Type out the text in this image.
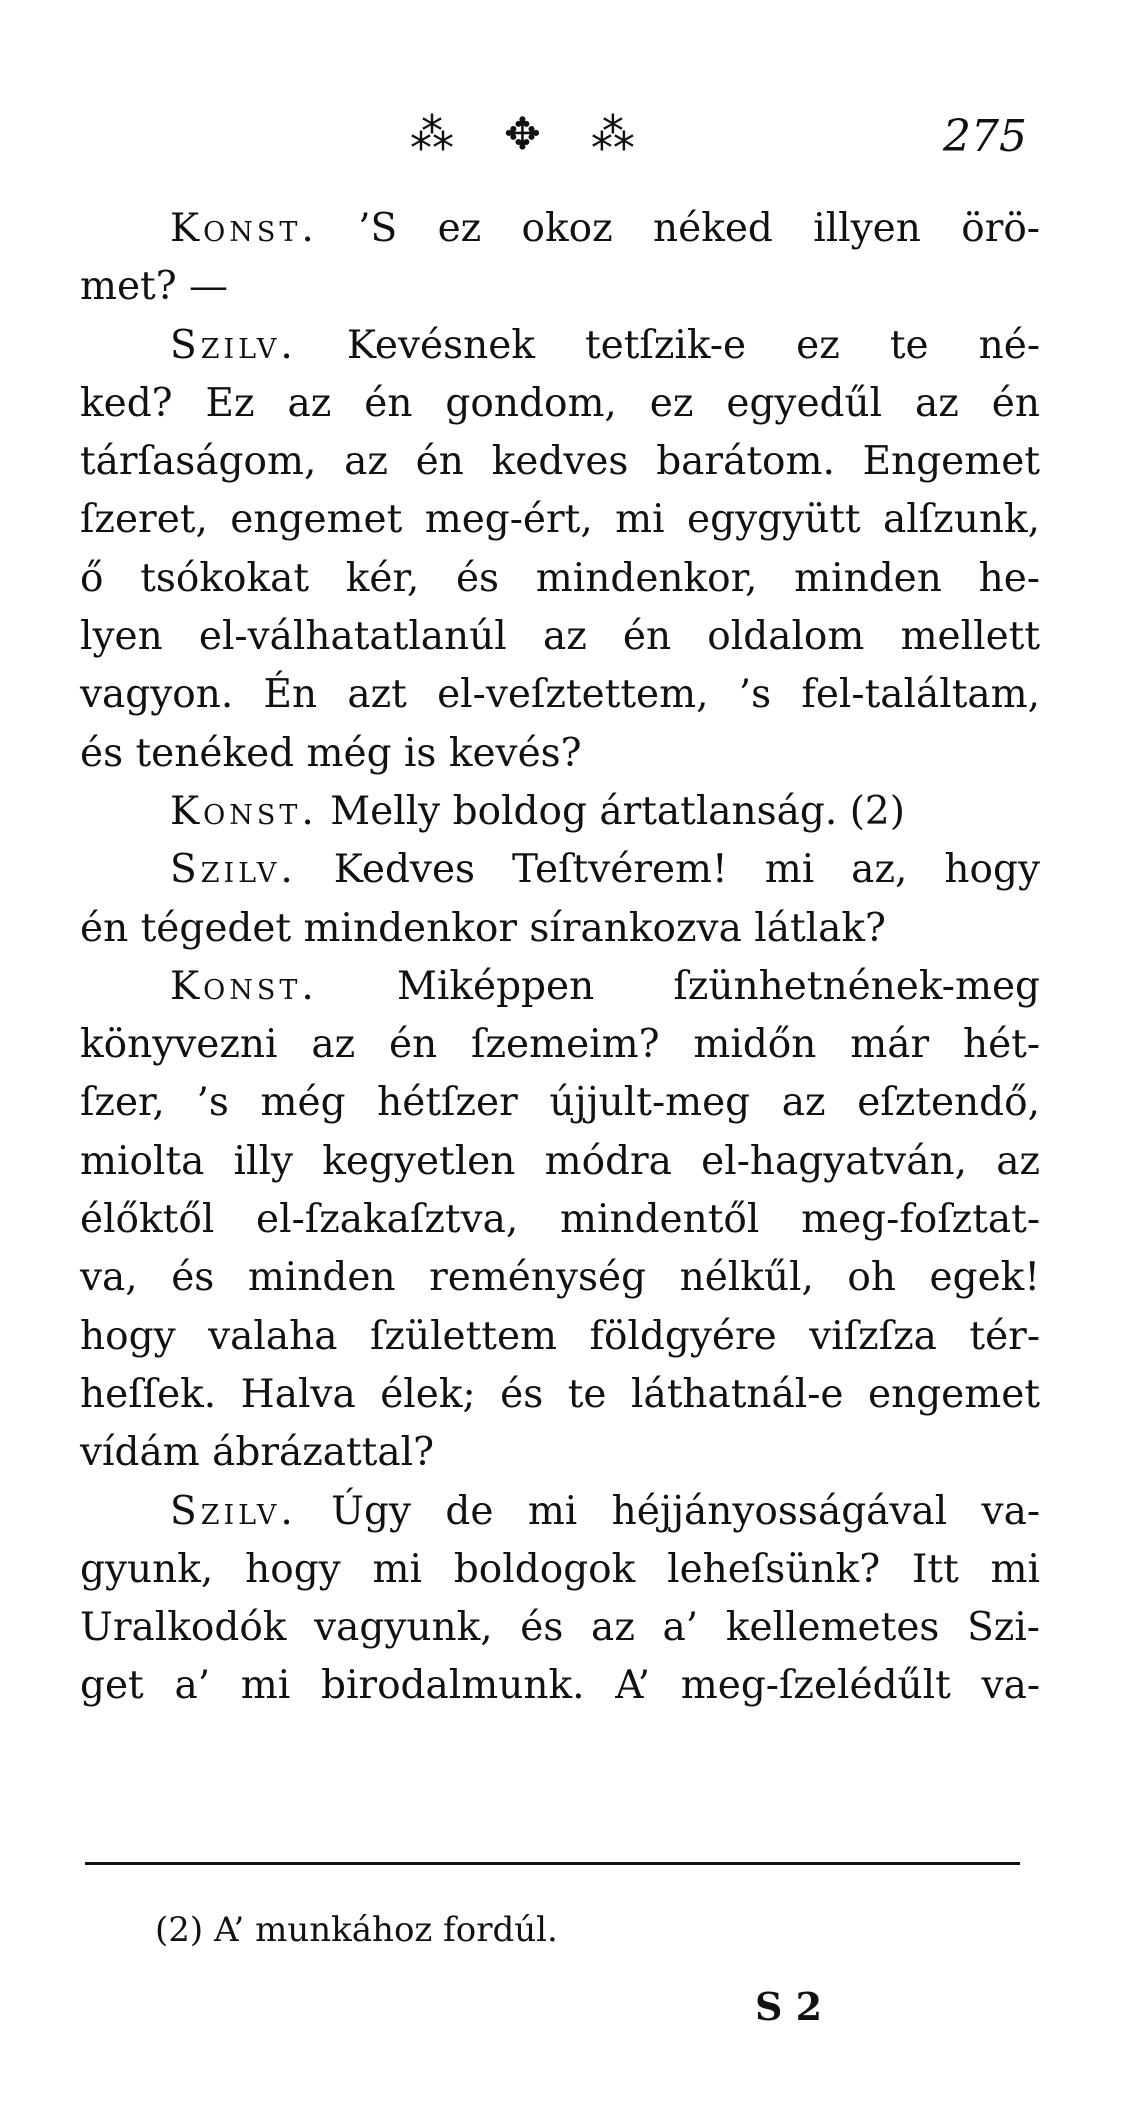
⁂ ✥ ⁂	275
Konst. ’S ez okoz néked illyen örö-
met? —
Szilv. Kevésnek tetſzik-e ez te né-
ked? Ez az én gondom, ez egyedűl az én
tárſaságom, az én kedves barátom. Engemet
ſzeret, engemet meg-ért, mi egygyütt alſzunk,
ő tsókokat kér, és mindenkor, minden he-
lyen el-válhatatlanúl az én oldalom mellett
vagyon. Én azt el-veſztettem, ’s fel-találtam,
és tenéked még is kevés?
Konst. Melly boldog ártatlanság. (2)
Szilv. Kedves Teſtvérem! mi az, hogy
én tégedet mindenkor sírankozva látlak?
Konst. Miképpen ſzünhetnének-meg
könyvezni az én ſzemeim? midőn már hét-
ſzer, ’s még hétſzer újjult-meg az eſztendő,
miolta illy kegyetlen módra el-hagyatván, az
élőktől el-ſzakaſztva, mindentől meg-foſztat-
va, és minden reménység nélkűl, oh egek!
hogy valaha ſzülettem földgyére viſzſza tér-
heſſek. Halva élek; és te láthatnál-e engemet
vídám ábrázattal?
Szilv. Úgy de mi héjjányosságával va-
gyunk, hogy mi boldogok leheſsünk? Itt mi
Uralkodók vagyunk, és az a’ kellemetes Szi-
get a’ mi birodalmunk. A’ meg-ſzelédűlt va-
(2) A’ munkához fordúl.
S 2
